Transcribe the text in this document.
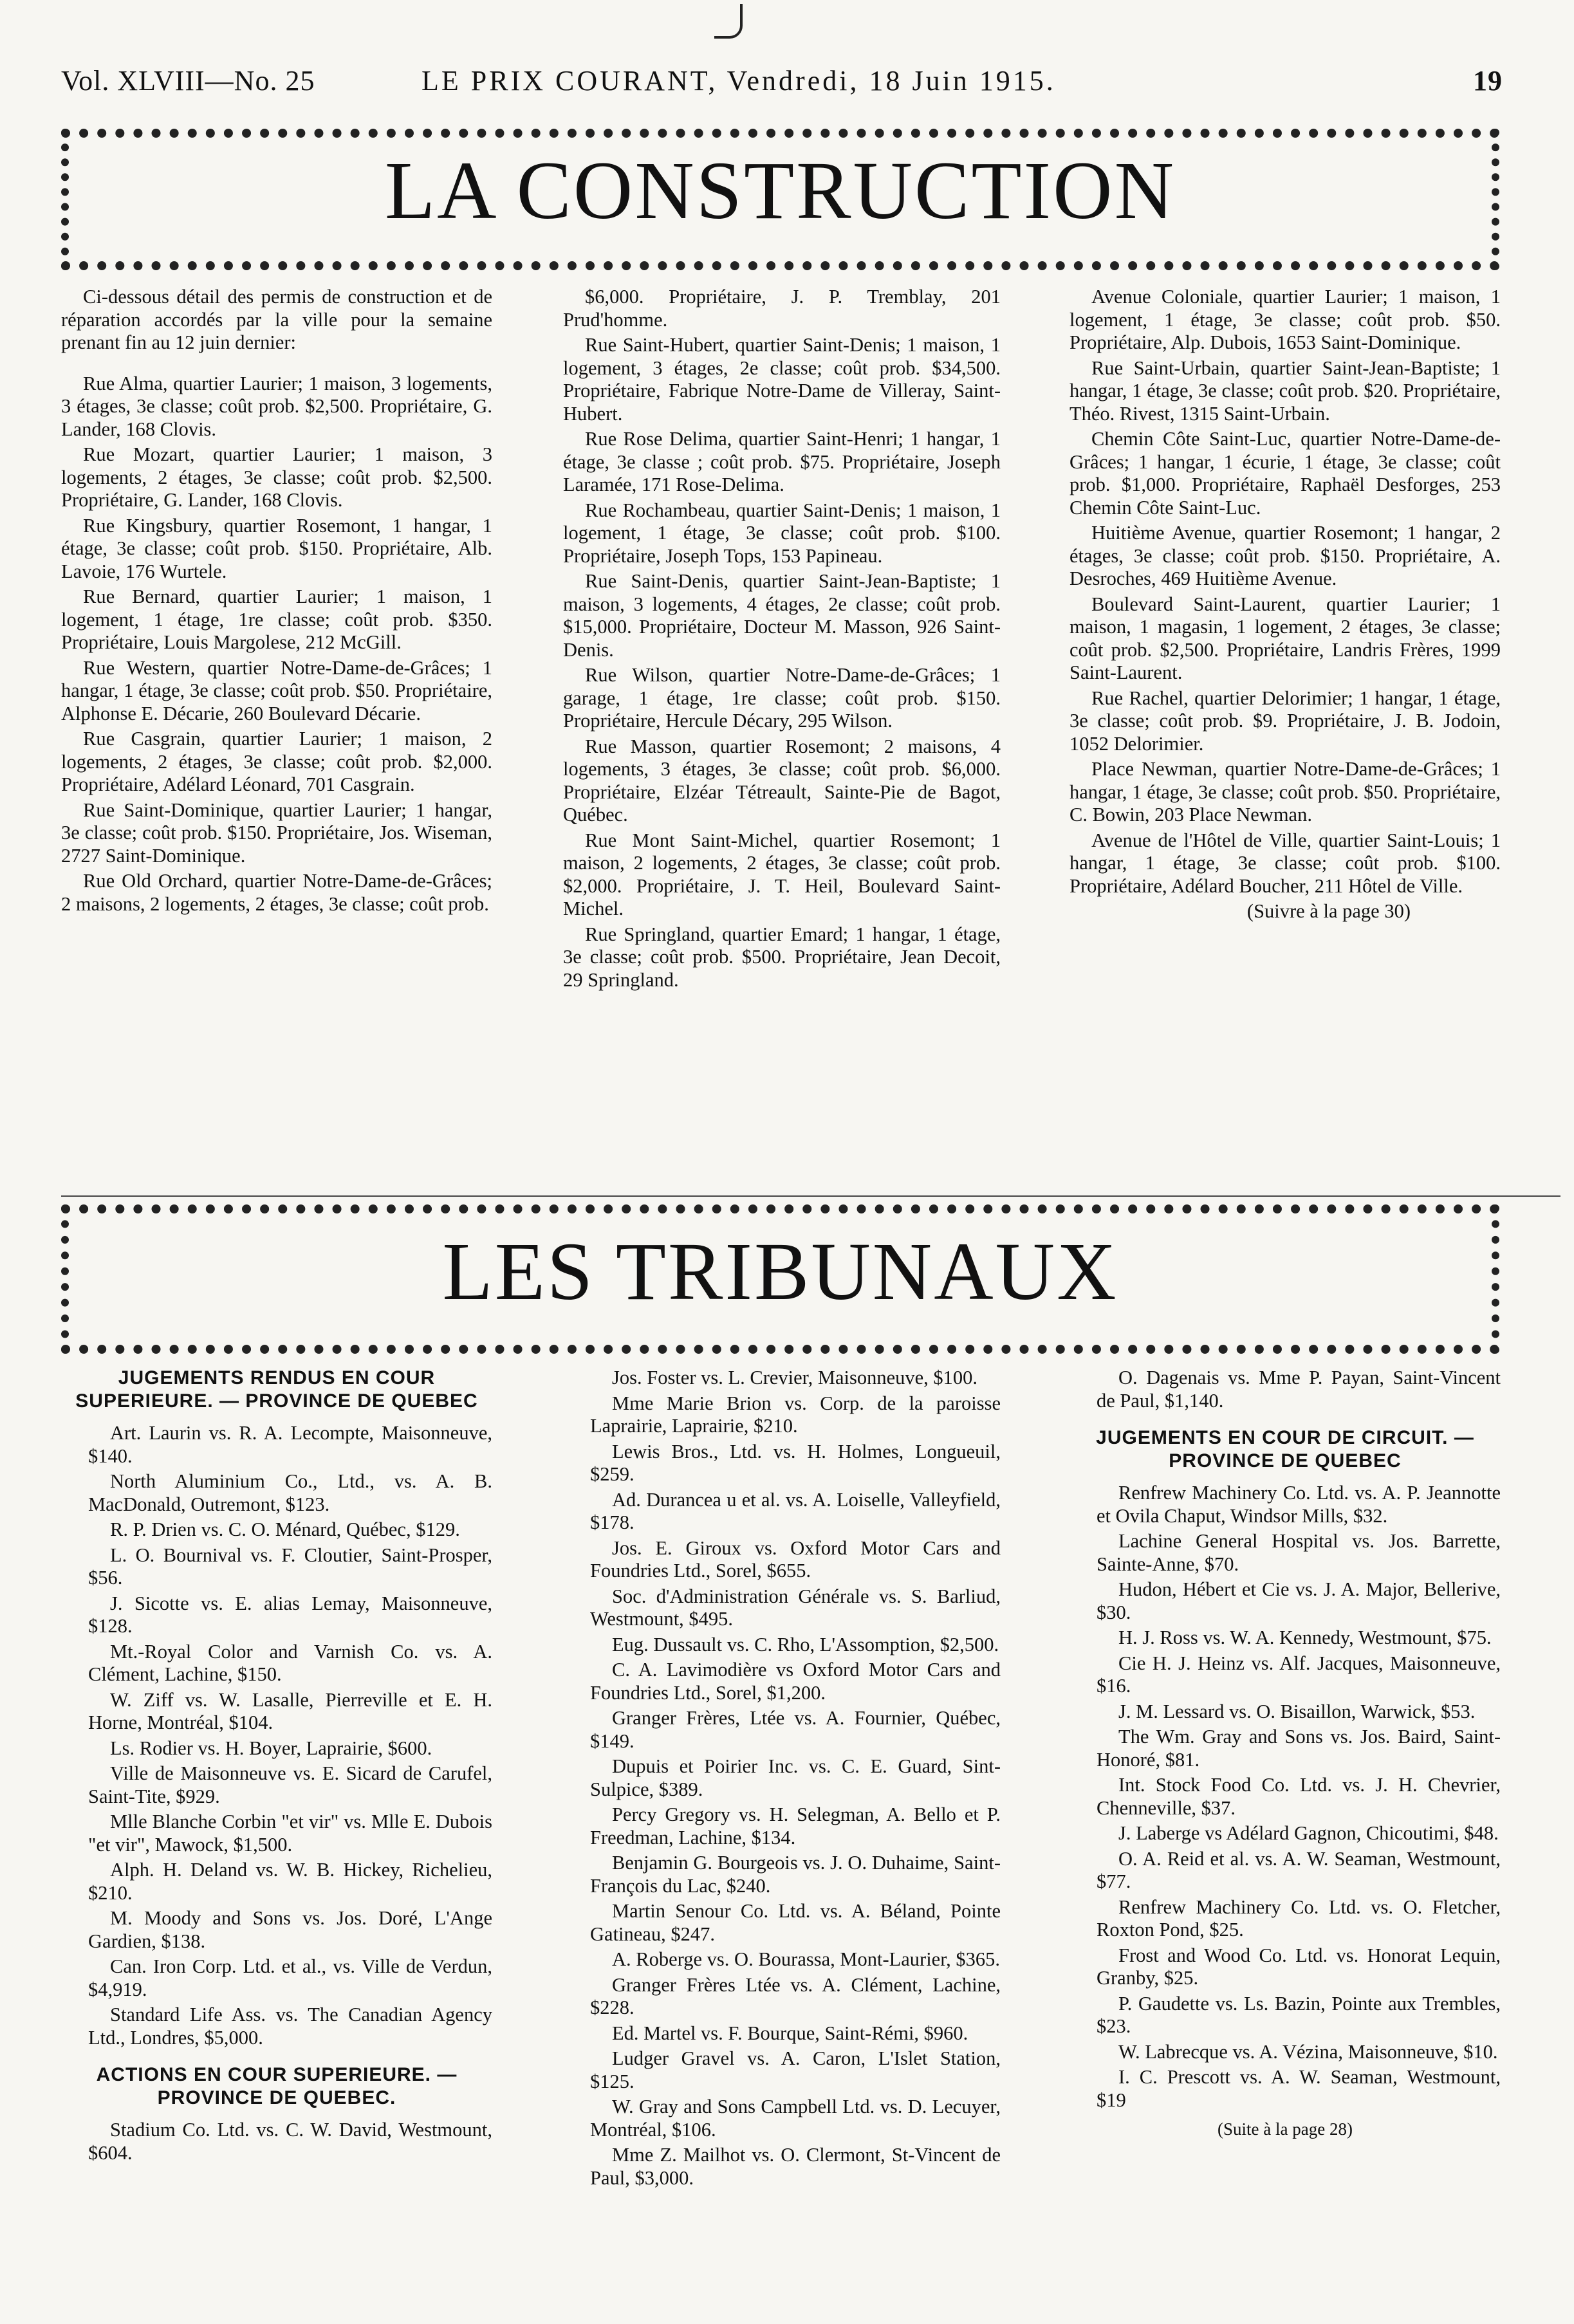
Vol. XLVIII—No. 25	LE PRIX COURANT, Vendredi, 18 Juin 1915.	19
LA CONSTRUCTION

Ci-dessous détail des permis de construction et de réparation accordés par la ville pour la semaine prenant fin au 12 juin dernier:

Rue Alma, quartier Laurier; 1 maison, 3 logements, 3 étages, 3e classe; coût prob. $2,500. Propriétaire, G. Lander, 168 Clovis.

Rue Mozart, quartier Laurier; 1 maison, 3 logements, 2 étages, 3e classe; coût prob. $2,500. Propriétaire, G. Lander, 168 Clovis.

Rue Kingsbury, quartier Rosemont, 1 hangar, 1 étage, 3e classe; coût prob. $150. Propriétaire, Alb. Lavoie, 176 Wurtele.

Rue Bernard, quartier Laurier; 1 maison, 1 logement, 1 étage, 1re classe; coût prob. $350. Propriétaire, Louis Margolese, 212 McGill.

Rue Western, quartier Notre-Dame-de-Grâces; 1 hangar, 1 étage, 3e classe; coût prob. $50. Propriétaire, Alphonse E. Décarie, 260 Boulevard Décarie.

Rue Casgrain, quartier Laurier; 1 maison, 2 logements, 2 étages, 3e classe; coût prob. $2,000. Propriétaire, Adélard Léonard, 701 Casgrain.

Rue Saint-Dominique, quartier Laurier; 1 hangar, 3e classe; coût prob. $150. Propriétaire, Jos. Wiseman, 2727 Saint-Dominique.

Rue Old Orchard, quartier Notre-Dame-de-Grâces; 2 maisons, 2 logements, 2 étages, 3e classe; coût prob.

$6,000. Propriétaire, J. P. Tremblay, 201 Prud'homme.

Rue Saint-Hubert, quartier Saint-Denis; 1 maison, 1 logement, 3 étages, 2e classe; coût prob. $34,500. Propriétaire, Fabrique Notre-Dame de Villeray, Saint-Hubert.

Rue Rose Delima, quartier Saint-Henri; 1 hangar, 1 étage, 3e classe ; coût prob. $75. Propriétaire, Joseph Laramée, 171 Rose-Delima.

Rue Rochambeau, quartier Saint-Denis; 1 maison, 1 logement, 1 étage, 3e classe; coût prob. $100. Propriétaire, Joseph Tops, 153 Papineau.

Rue Saint-Denis, quartier Saint-Jean-Baptiste; 1 maison, 3 logements, 4 étages, 2e classe; coût prob. $15,000. Propriétaire, Docteur M. Masson, 926 Saint-Denis.

Rue Wilson, quartier Notre-Dame-de-Grâces; 1 garage, 1 étage, 1re classe; coût prob. $150. Propriétaire, Hercule Décary, 295 Wilson.

Rue Masson, quartier Rosemont; 2 maisons, 4 logements, 3 étages, 3e classe; coût prob. $6,000. Propriétaire, Elzéar Tétreault, Sainte-Pie de Bagot, Québec.

Rue Mont Saint-Michel, quartier Rosemont; 1 maison, 2 logements, 2 étages, 3e classe; coût prob. $2,000. Propriétaire, J. T. Heil, Boulevard Saint-Michel.

Rue Springland, quartier Emard; 1 hangar, 1 étage, 3e classe; coût prob. $500. Propriétaire, Jean Decoit, 29 Springland.

Avenue Coloniale, quartier Laurier; 1 maison, 1 logement, 1 étage, 3e classe; coût prob. $50. Propriétaire, Alp. Dubois, 1653 Saint-Dominique.

Rue Saint-Urbain, quartier Saint-Jean-Baptiste; 1 hangar, 1 étage, 3e classe; coût prob. $20. Propriétaire, Théo. Rivest, 1315 Saint-Urbain.

Chemin Côte Saint-Luc, quartier Notre-Dame-de-Grâces; 1 hangar, 1 écurie, 1 étage, 3e classe; coût prob. $1,000. Propriétaire, Raphaël Desforges, 253 Chemin Côte Saint-Luc.

Huitième Avenue, quartier Rosemont; 1 hangar, 2 étages, 3e classe; coût prob. $150. Propriétaire, A. Desroches, 469 Huitième Avenue.

Boulevard Saint-Laurent, quartier Laurier; 1 maison, 1 magasin, 1 logement, 2 étages, 3e classe; coût prob. $2,500. Propriétaire, Landris Frères, 1999 Saint-Laurent.

Rue Rachel, quartier Delorimier; 1 hangar, 1 étage, 3e classe; coût prob. $9. Propriétaire, J. B. Jodoin, 1052 Delorimier.

Place Newman, quartier Notre-Dame-de-Grâces; 1 hangar, 1 étage, 3e classe; coût prob. $50. Propriétaire, C. Bowin, 203 Place Newman.

Avenue de l'Hôtel de Ville, quartier Saint-Louis; 1 hangar, 1 étage, 3e classe; coût prob. $100. Propriétaire, Adélard Boucher, 211 Hôtel de Ville.

(Suivre à la page 30)

LES TRIBUNAUX
JUGEMENTS RENDUS EN COUR SUPERIEURE. — PROVINCE DE QUEBEC

Art. Laurin vs. R. A. Lecompte, Maisonneuve, $140.

North Aluminium Co., Ltd., vs. A. B. MacDonald, Outremont, $123.

R. P. Drien vs. C. O. Ménard, Québec, $129.

L. O. Bournival vs. F. Cloutier, Saint-Prosper, $56.

J. Sicotte vs. E. alias Lemay, Maisonneuve, $128.

Mt.-Royal Color and Varnish Co. vs. A. Clément, Lachine, $150.

W. Ziff vs. W. Lasalle, Pierreville et E. H. Horne, Montréal, $104.

Ls. Rodier vs. H. Boyer, Laprairie, $600.

Ville de Maisonneuve vs. E. Sicard de Carufel, Saint-Tite, $929.

Mlle Blanche Corbin "et vir" vs. Mlle E. Dubois "et vir", Mawock, $1,500.

Alph. H. Deland vs. W. B. Hickey, Richelieu, $210.

M. Moody and Sons vs. Jos. Doré, L'Ange Gardien, $138.

Can. Iron Corp. Ltd. et al., vs. Ville de Verdun, $4,919.

Standard Life Ass. vs. The Canadian Agency Ltd., Londres, $5,000.

ACTIONS EN COUR SUPERIEURE. — PROVINCE DE QUEBEC.

Stadium Co. Ltd. vs. C. W. David, Westmount, $604.

Jos. Foster vs. L. Crevier, Maisonneuve, $100.

Mme Marie Brion vs. Corp. de la paroisse Laprairie, Laprairie, $210.

Lewis Bros., Ltd. vs. H. Holmes, Longueuil, $259.

Ad. Durancea u et al. vs. A. Loiselle, Valleyfield, $178.

Jos. E. Giroux vs. Oxford Motor Cars and Foundries Ltd., Sorel, $655.

Soc. d'Administration Générale vs. S. Barliud, Westmount, $495.

Eug. Dussault vs. C. Rho, L'Assomption, $2,500.

C. A. Lavimodière vs Oxford Motor Cars and Foundries Ltd., Sorel, $1,200.

Granger Frères, Ltée vs. A. Fournier, Québec, $149.

Dupuis et Poirier Inc. vs. C. E. Guard, Sint-Sulpice, $389.

Percy Gregory vs. H. Selegman, A. Bello et P. Freedman, Lachine, $134.

Benjamin G. Bourgeois vs. J. O. Duhaime, Saint-François du Lac, $240.

Martin Senour Co. Ltd. vs. A. Béland, Pointe Gatineau, $247.

A. Roberge vs. O. Bourassa, Mont-Laurier, $365.

Granger Frères Ltée vs. A. Clément, Lachine, $228.

Ed. Martel vs. F. Bourque, Saint-Rémi, $960.

Ludger Gravel vs. A. Caron, L'Islet Station, $125.

W. Gray and Sons Campbell Ltd. vs. D. Lecuyer, Montréal, $106.

Mme Z. Mailhot vs. O. Clermont, St-Vincent de Paul, $3,000.

O. Dagenais vs. Mme P. Payan, Saint-Vincent de Paul, $1,140.

JUGEMENTS EN COUR DE CIRCUIT. — PROVINCE DE QUEBEC

Renfrew Machinery Co. Ltd. vs. A. P. Jeannotte et Ovila Chaput, Windsor Mills, $32.

Lachine General Hospital vs. Jos. Barrette, Sainte-Anne, $70.

Hudon, Hébert et Cie vs. J. A. Major, Bellerive, $30.

H. J. Ross vs. W. A. Kennedy, Westmount, $75.

Cie H. J. Heinz vs. Alf. Jacques, Maisonneuve, $16.

J. M. Lessard vs. O. Bisaillon, Warwick, $53.

The Wm. Gray and Sons vs. Jos. Baird, Saint-Honoré, $81.

Int. Stock Food Co. Ltd. vs. J. H. Chevrier, Chenneville, $37.

J. Laberge vs Adélard Gagnon, Chicoutimi, $48.

O. A. Reid et al. vs. A. W. Seaman, Westmount, $77.

Renfrew Machinery Co. Ltd. vs. O. Fletcher, Roxton Pond, $25.

Frost and Wood Co. Ltd. vs. Honorat Lequin, Granby, $25.

P. Gaudette vs. Ls. Bazin, Pointe aux Trembles, $23.

W. Labrecque vs. A. Vézina, Maisonneuve, $10.

I. C. Prescott vs. A. W. Seaman, Westmount, $19

(Suite à la page 28)
